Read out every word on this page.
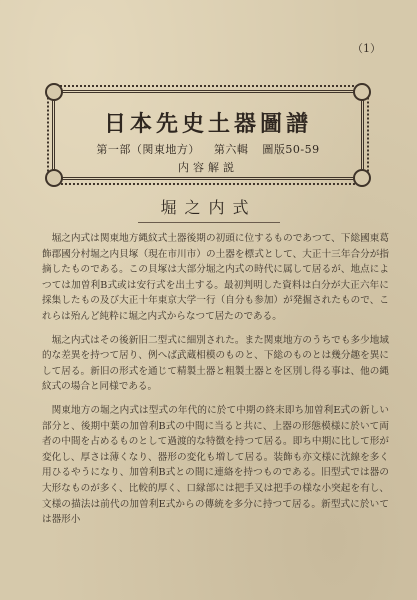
（1）
日本先史土器圖譜
第一部（関東地方） 第六輯 圖版50-59
内容解説
堀之内式

堀之内式は関東地方縄紋式土器後期の初頭に位するものであつて、下総國東葛飾郡國分村堀之内貝塚（現在市川市）の土器を標式として、大正十三年合分が指摘したものである。この貝塚は大部分堀之内式の時代に属して居るが、地点によつては加曽利B式或は安行式を出土する。最初判明した資料は白分が大正六年に採集したもの及び大正十年東京大学一行（自分も参加）が発掘されたもので、これらは殆んど純粋に堀之内式からなつて居たのである。

堀之内式はその後新旧二型式に細別された。また関東地方のうちでも多少地域的な差異を持つて居り、例へば武蔵相模のものと、下総のものとは幾分趣を異にして居る。新旧の形式を通じて精製土器と粗製土器とを区別し得る事は、他の縄紋式の場合と同様である。

関東地方の堀之内式は型式の年代的に於て中期の終末即ち加曽利E式の新しい部分と、後期中葉の加曽利B式の中間に当ると共に、上器の形態模様に於いて両者の中間を占めるものとして過渡的な特徴を持つて居る。即ち中期に比して形が変化し、厚さは薄くなり、器形の変化も増して居る。装飾も亦文様に沈線を多く用ひるやうになり、加曽利B式との間に連絡を持つものである。旧型式では器の大形なものが多く、比較的厚く、口縁部には把手又は把手の様な小突起を有し、文様の描法は前代の加曽利E式からの傳統を多分に持つて居る。新型式に於いては器形小
